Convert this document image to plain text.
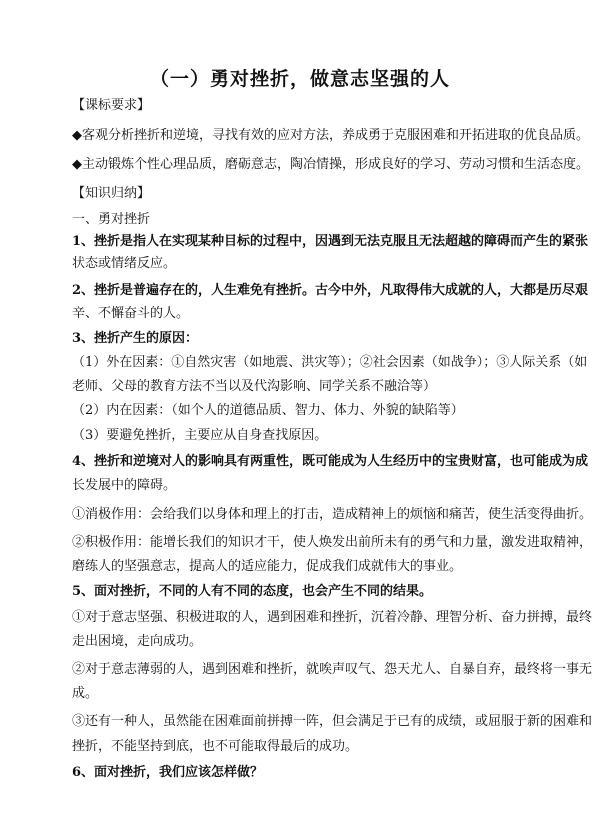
（一）勇对挫折，做意志坚强的人
【课标要求】
◆客观分析挫折和逆境，寻找有效的应对方法，养成勇于克服困难和开拓进取的优良品质。
◆主动锻炼个性心理品质，磨砺意志，陶冶情操，形成良好的学习、劳动习惯和生活态度。
【知识归纳】
一、勇对挫折
1、挫折是指人在实现某种目标的过程中，因遇到无法克服且无法超越的障碍而产生的紧张
状态或情绪反应。
2、挫折是普遍存在的，人生难免有挫折。古今中外，凡取得伟大成就的人，大都是历尽艰
辛、不懈奋斗的人。
3、挫折产生的原因：
（1）外在因素：①自然灾害（如地震、洪灾等）；②社会因素（如战争）；③人际关系（如
老师、父母的教育方法不当以及代沟影响、同学关系不融洽等）
（2）内在因素：（如个人的道德品质、智力、体力、外貌的缺陷等）
（3）要避免挫折，主要应从自身查找原因。
4、挫折和逆境对人的影响具有两重性，既可能成为人生经历中的宝贵财富，也可能成为成
长发展中的障碍。
①消极作用：会给我们以身体和理上的打击，造成精神上的烦恼和痛苦，使生活变得曲折。
②积极作用：能增长我们的知识才干，使人焕发出前所未有的勇气和力量，激发进取精神，
磨练人的坚强意志，提高人的适应能力，促成我们成就伟大的事业。
5、面对挫折，不同的人有不同的态度，也会产生不同的结果。
①对于意志坚强、积极进取的人，遇到困难和挫折，沉着冷静、理智分析、奋力拼搏，最终
走出困境，走向成功。
②对于意志薄弱的人，遇到困难和挫折，就唉声叹气、怨天尤人、自暴自弃，最终将一事无
成。
③还有一种人，虽然能在困难面前拼搏一阵，但会满足于已有的成绩，或屈服于新的困难和
挫折，不能坚持到底，也不可能取得最后的成功。
6、面对挫折，我们应该怎样做？
